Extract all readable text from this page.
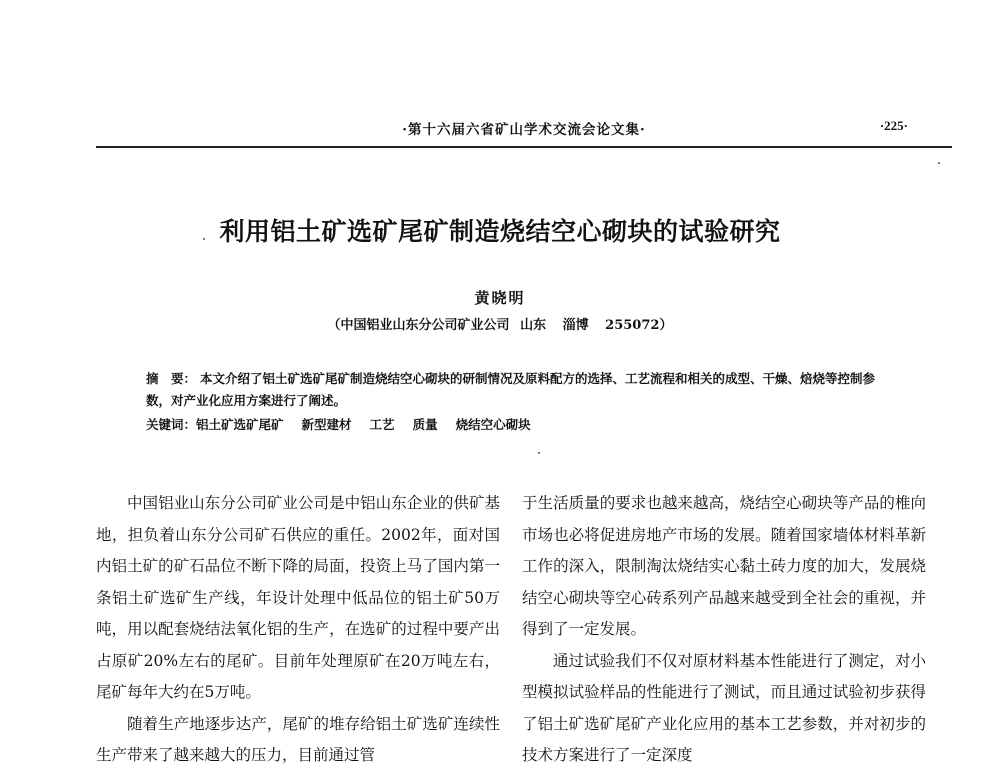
·第十六届六省矿山学术交流会论文集·	·225·
利用铝土矿选矿尾矿制造烧结空心砌块的试验研究
黄晓明
（中国铝业山东分公司矿业公司 山东 淄博 255072）
摘　要： 本文介绍了铝土矿选矿尾矿制造烧结空心砌块的研制情况及原料配方的选择、工艺流程和相关的成型、干燥、焙烧等控制参数，对产业化应用方案进行了阐述。
关键词：铝土矿选矿尾矿 新型建材 工艺 质量 烧结空心砌块

中国铝业山东分公司矿业公司是中铝山东企业的供矿基地，担负着山东分公司矿石供应的重任。2002年，面对国内铝土矿的矿石品位不断下降的局面，投资上马了国内第一条铝土矿选矿生产线，年设计处理中低品位的铝土矿50万吨，用以配套烧结法氧化铝的生产，在选矿的过程中要产出占原矿20%左右的尾矿。目前年处理原矿在20万吨左右，尾矿每年大约在5万吨。

随着生产地逐步达产，尾矿的堆存给铝土矿选矿连续性生产带来了越来越大的压力，目前通过管

于生活质量的要求也越来越高，烧结空心砌块等产品的椎向市场也必将促进房地产市场的发展。随着国家墙体材料革新工作的深入，限制淘汰烧结实心黏土砖力度的加大，发展烧结空心砌块等空心砖系列产品越来越受到全社会的重视，并得到了一定发展。

通过试验我们不仅对原材料基本性能进行了测定，对小型模拟试验样品的性能进行了测试，而且通过试验初步获得了铝土矿选矿尾矿产业化应用的基本工艺参数，并对初步的技术方案进行了一定深度
